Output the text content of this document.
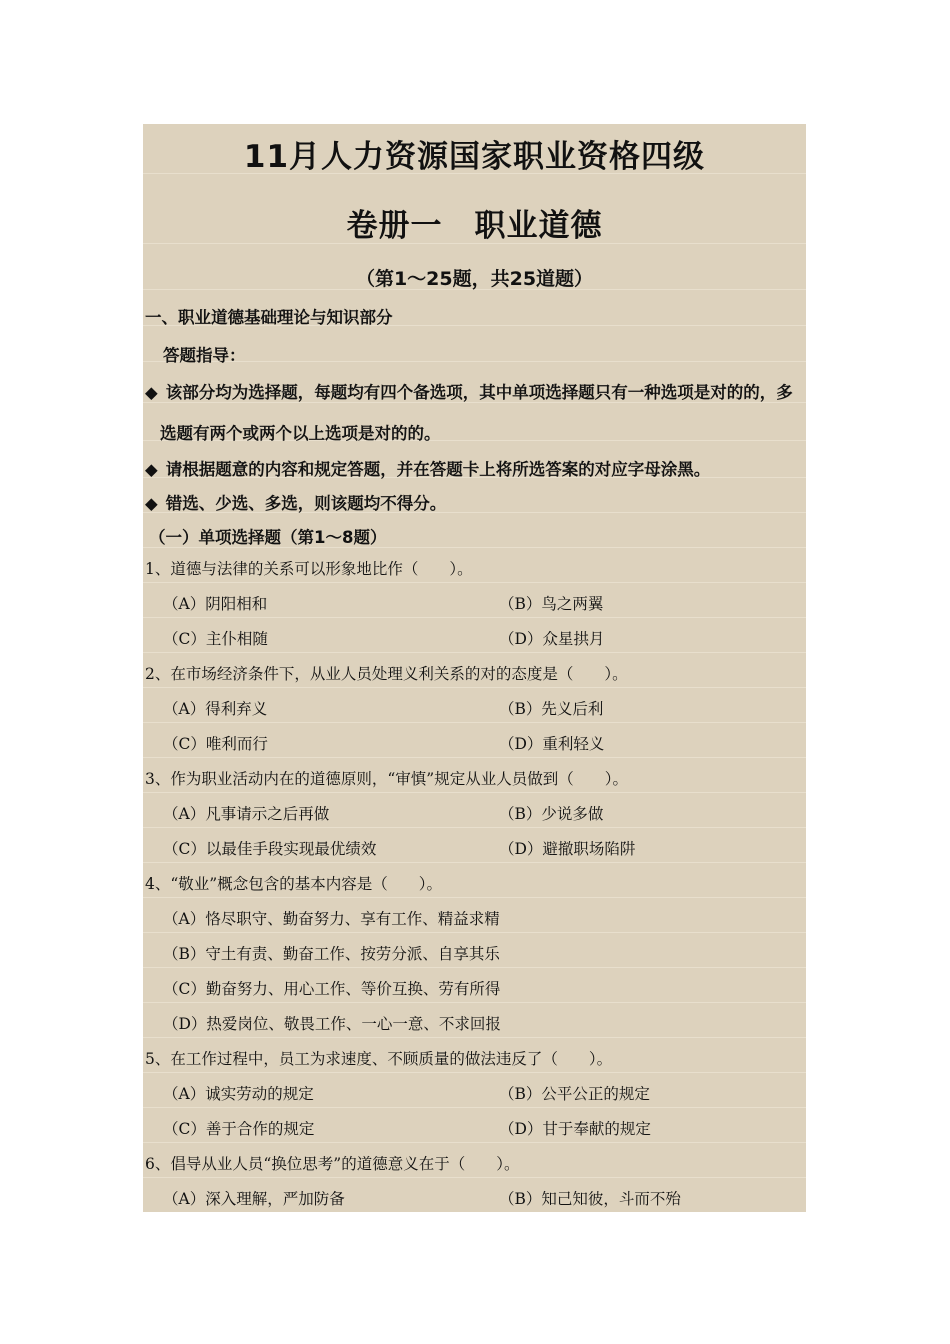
11月人力资源国家职业资格四级
卷册一　职业道德
（第1～25题，共25道题）
一、职业道德基础理论与知识部分
答题指导：
◆ 该部分均为选择题，每题均有四个备选项，其中单项选择题只有一种选项是对的的，多
选题有两个或两个以上选项是对的的。
◆ 请根据题意的内容和规定答题，并在答题卡上将所选答案的对应字母涂黑。
◆ 错选、少选、多选，则该题均不得分。
（一）单项选择题（第1～8题）
1、道德与法律的关系可以形象地比作（　　）。
（A）阴阳相和	（B）鸟之两翼
（C）主仆相随	（D）众星拱月
2、在市场经济条件下，从业人员处理义利关系的对的态度是（　　）。
（A）得利弃义	（B）先义后利
（C）唯利而行	（D）重利轻义
3、作为职业活动内在的道德原则，“审慎”规定从业人员做到（　　）。
（A）凡事请示之后再做	（B）少说多做
（C）以最佳手段实现最优绩效	（D）避撤职场陷阱
4、“敬业”概念包含的基本内容是（　　）。
（A）恪尽职守、勤奋努力、享有工作、精益求精
（B）守土有责、勤奋工作、按劳分派、自享其乐
（C）勤奋努力、用心工作、等价互换、劳有所得
（D）热爱岗位、敬畏工作、一心一意、不求回报
5、在工作过程中，员工为求速度、不顾质量的做法违反了（　　）。
（A）诚实劳动的规定	（B）公平公正的规定
（C）善于合作的规定	（D）甘于奉献的规定
6、倡导从业人员“换位思考”的道德意义在于（　　）。
（A）深入理解，严加防备	（B）知己知彼，斗而不殆
